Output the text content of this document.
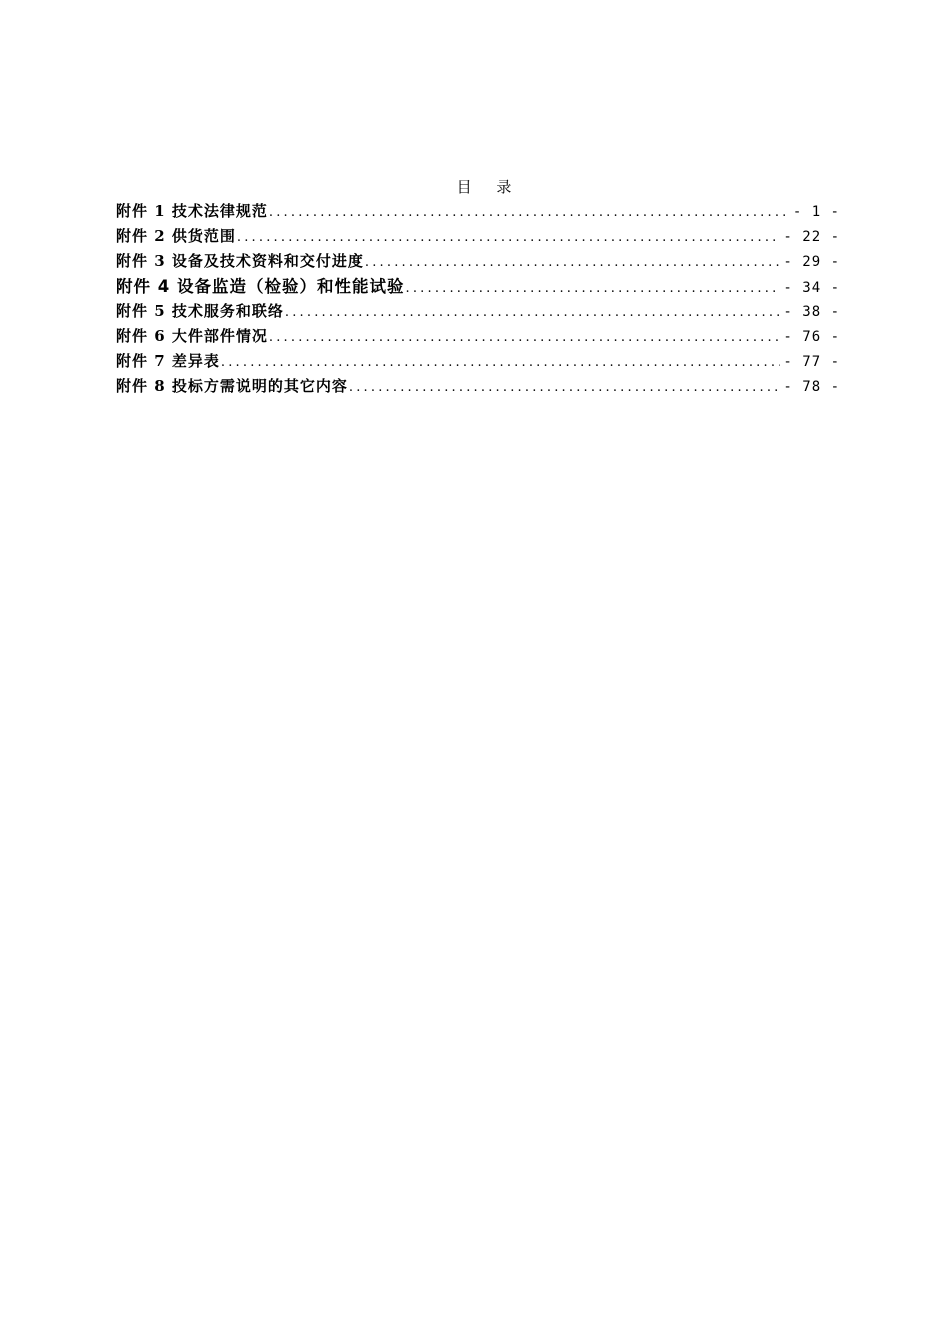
目 录
附件 1 技术法律规范 .....	- 1 -
附件 2 供货范围 .....	- 22 -
附件 3 设备及技术资料和交付进度 .....	- 29 -
附件 4 设备监造（检验）和性能试验 .....	- 34 -
附件 5 技术服务和联络 .....	- 38 -
附件 6 大件部件情况 .....	- 76 -
附件 7 差异表 .....	- 77 -
附件 8 投标方需说明的其它内容 .....	- 78 -
